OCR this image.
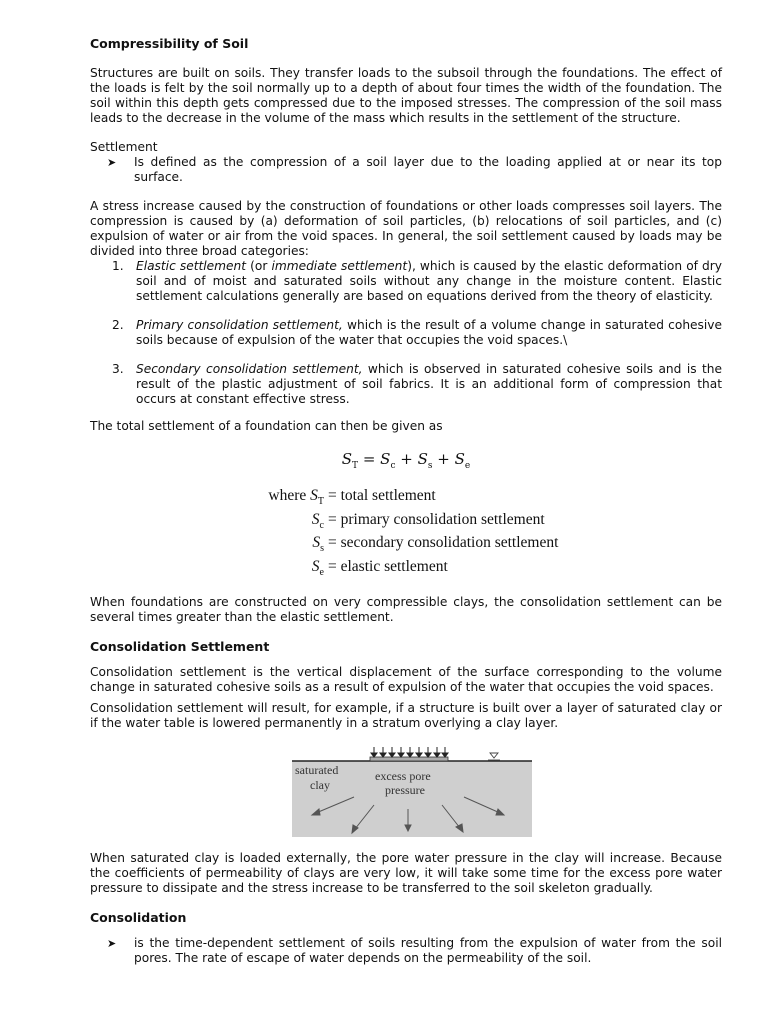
Compressibility of Soil

Structures are built on soils. They transfer loads to the subsoil through the foundations. The effect of the loads is felt by the soil normally up to a depth of about four times the width of the foundation. The soil within this depth gets compressed due to the imposed stresses. The compression of the soil mass leads to the decrease in the volume of the mass which results in the settlement of the structure.

Settlement

➤	Is defined as the compression of a soil layer due to the loading applied at or near its top surface.

A stress increase caused by the construction of foundations or other loads compresses soil layers. The compression is caused by (a) deformation of soil particles, (b) relocations of soil particles, and (c) expulsion of water or air from the void spaces. In general, the soil settlement caused by loads may be divided into three broad categories:

1.	Elastic settlement (or immediate settlement), which is caused by the elastic deformation of dry soil and of moist and saturated soils without any change in the moisture content. Elastic settlement calculations generally are based on equations derived from the theory of elasticity.
2.	Primary consolidation settlement, which is the result of a volume change in saturated cohesive soils because of expulsion of the water that occupies the void spaces.\
3.	Secondary consolidation settlement, which is observed in saturated cohesive soils and is the result of the plastic adjustment of soil fabrics. It is an additional form of compression that occurs at constant effective stress.

The total settlement of a foundation can then be given as

$S_T = S_c + S_s + S_e$
where $S_T$ = total settlement
$S_c$ = primary consolidation settlement
$S_s$ = secondary consolidation settlement
$S_e$ = elastic settlement

When foundations are constructed on very compressible clays, the consolidation settlement can be several times greater than the elastic settlement.

Consolidation Settlement

Consolidation settlement is the vertical displacement of the surface corresponding to the volume change in saturated cohesive soils as a result of expulsion of the water that occupies the void spaces.

Consolidation settlement will result, for example, if a structure is built over a layer of saturated clay or if the water table is lowered permanently in a stratum overlying a clay layer.

saturated
clay
excess pore
pressure

When saturated clay is loaded externally, the pore water pressure in the clay will increase. Because the coefficients of permeability of clays are very low, it will take some time for the excess pore water pressure to dissipate and the stress increase to be transferred to the soil skeleton gradually.

Consolidation
➤	is the time-dependent settlement of soils resulting from the expulsion of water from the soil pores. The rate of escape of water depends on the permeability of the soil.
